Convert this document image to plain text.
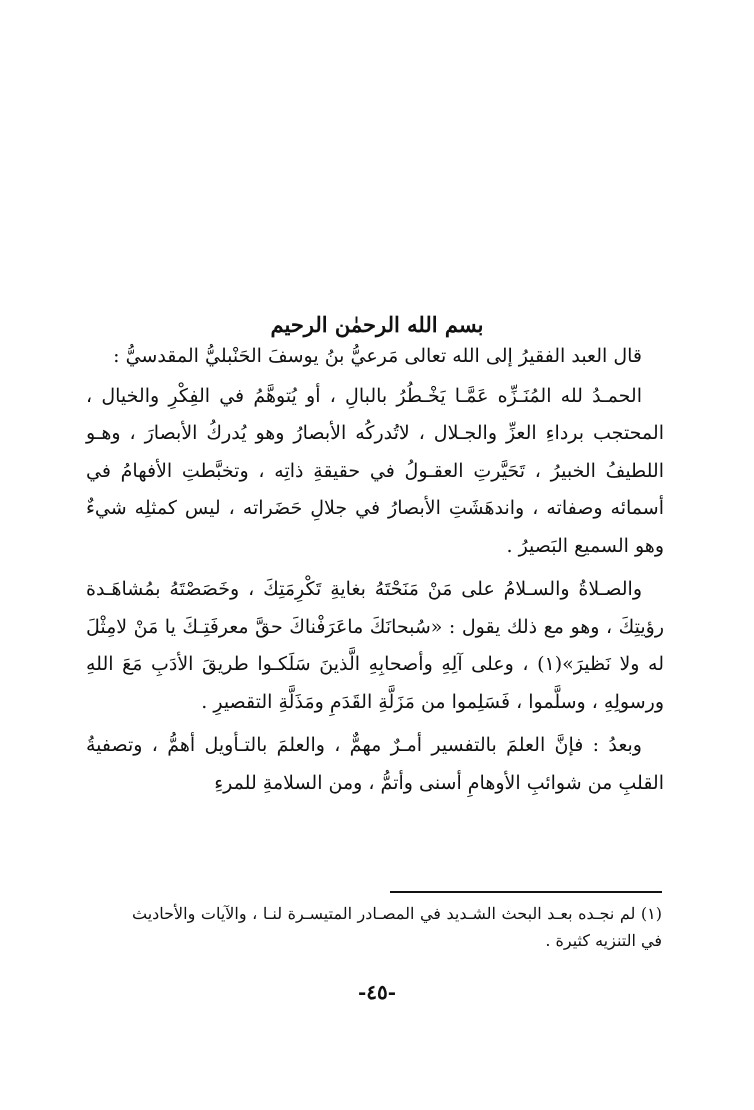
بسم الله الرحمٰن الرحيم

قال العبد الفقيرُ إلى الله تعالى مَرعيُّ بنُ يوسفَ الحَنْبليُّ المقدسيُّ :

الحمـدُ لله المُنَـزِّه عَمَّـا يَخْـطُرُ بالبالِ ، أو يُتوهَّمُ في الفِكْرِ والخيال ، المحتجب برداءِ العزِّ والجـلال ، لاتُدركُه الأبصارُ وهو يُدركُ الأبصارَ ، وهـو اللطيفُ الخبيرُ ، تَحَيَّرتِ العقـولُ في حقيقةِ ذاتِه ، وتخبَّطتِ الأفهامُ في أسمائه وصفاته ، واندهَشَتِ الأبصارُ في جلالِ حَضَراته ، ليس كمثلِه شيءٌ وهو السميع البَصيرُ .

والصـلاةُ والسـلامُ على مَنْ مَنَحْتَهُ بغايةِ تَكْرِمَتِكَ ، وخَصَصْتَهُ بمُشاهَـدة رؤيتِكَ ، وهو مع ذلك يقول : «سُبحانَكَ ماعَرَفْناكَ حقَّ معرفَتِـكَ يا مَنْ لامِثْلَ له ولا نَظيرَ»(١) ، وعلى آلِهِ وأصحابِهِ الَّذينَ سَلَكـوا طريقَ الأدَبِ مَعَ اللهِ ورسولِهِ ، وسلَّموا ، فَسَلِموا من مَزَلَّةِ القَدَمِ ومَذَلَّةِ التقصيرِ .

وبعدُ : فإنَّ العلمَ بالتفسير أمـرٌ مهمٌّ ، والعلمَ بالتـأويل أهمُّ ، وتصفيةُ القلبِ من شوائبِ الأوهامِ أسنى وأتمُّ ، ومن السلامةِ للمرءِ

(١) لم نجـده بعـد البحث الشـديد في المصـادر المتيسـرة لنـا ، والآيات والأحاديث في التنزيه كثيرة .
-٤٥-
